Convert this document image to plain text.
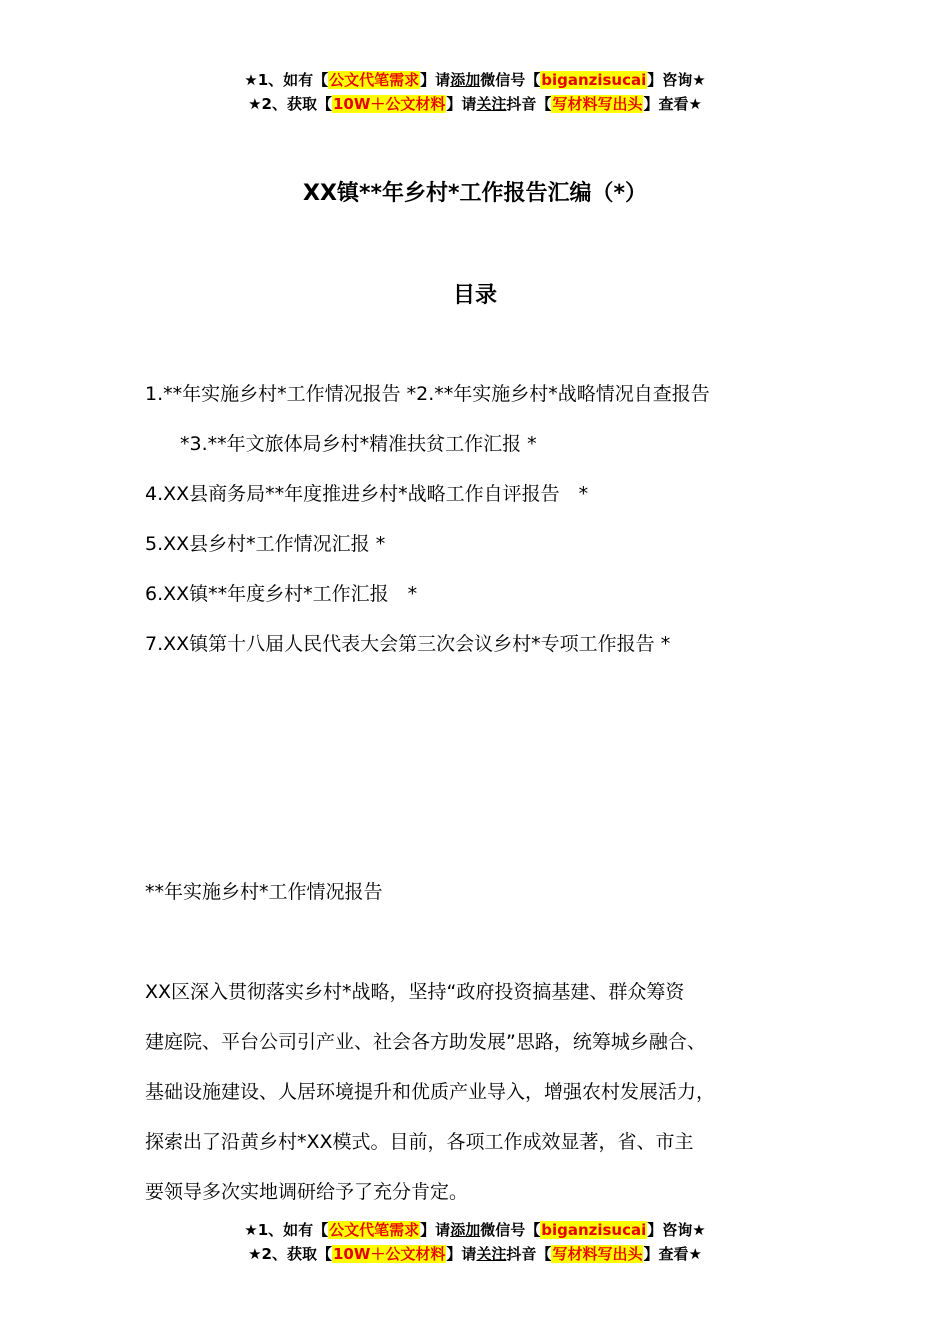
★1、如有【公文代笔需求】请添加微信号【biganzisucai】咨询★
★2、获取【10W＋公文材料】请关注抖音【写材料写出头】查看★
XX镇**年乡村*工作报告汇编（*）
目录
1.**年实施乡村*工作情况报告 *2.**年实施乡村*战略情况自查报告
*3.**年文旅体局乡村*精准扶贫工作汇报 *
4.XX县商务局**年度推进乡村*战略工作自评报告　*
5.XX县乡村*工作情况汇报 *
6.XX镇**年度乡村*工作汇报　*
7.XX镇第十八届人民代表大会第三次会议乡村*专项工作报告 *
**年实施乡村*工作情况报告
XX区深入贯彻落实乡村*战略，坚持“政府投资搞基建、群众筹资
建庭院、平台公司引产业、社会各方助发展”思路，统筹城乡融合、
基础设施建设、人居环境提升和优质产业导入，增强农村发展活力，
探索出了沿黄乡村*XX模式。目前，各项工作成效显著，省、市主
要领导多次实地调研给予了充分肯定。
★1、如有【公文代笔需求】请添加微信号【biganzisucai】咨询★
★2、获取【10W＋公文材料】请关注抖音【写材料写出头】查看★
